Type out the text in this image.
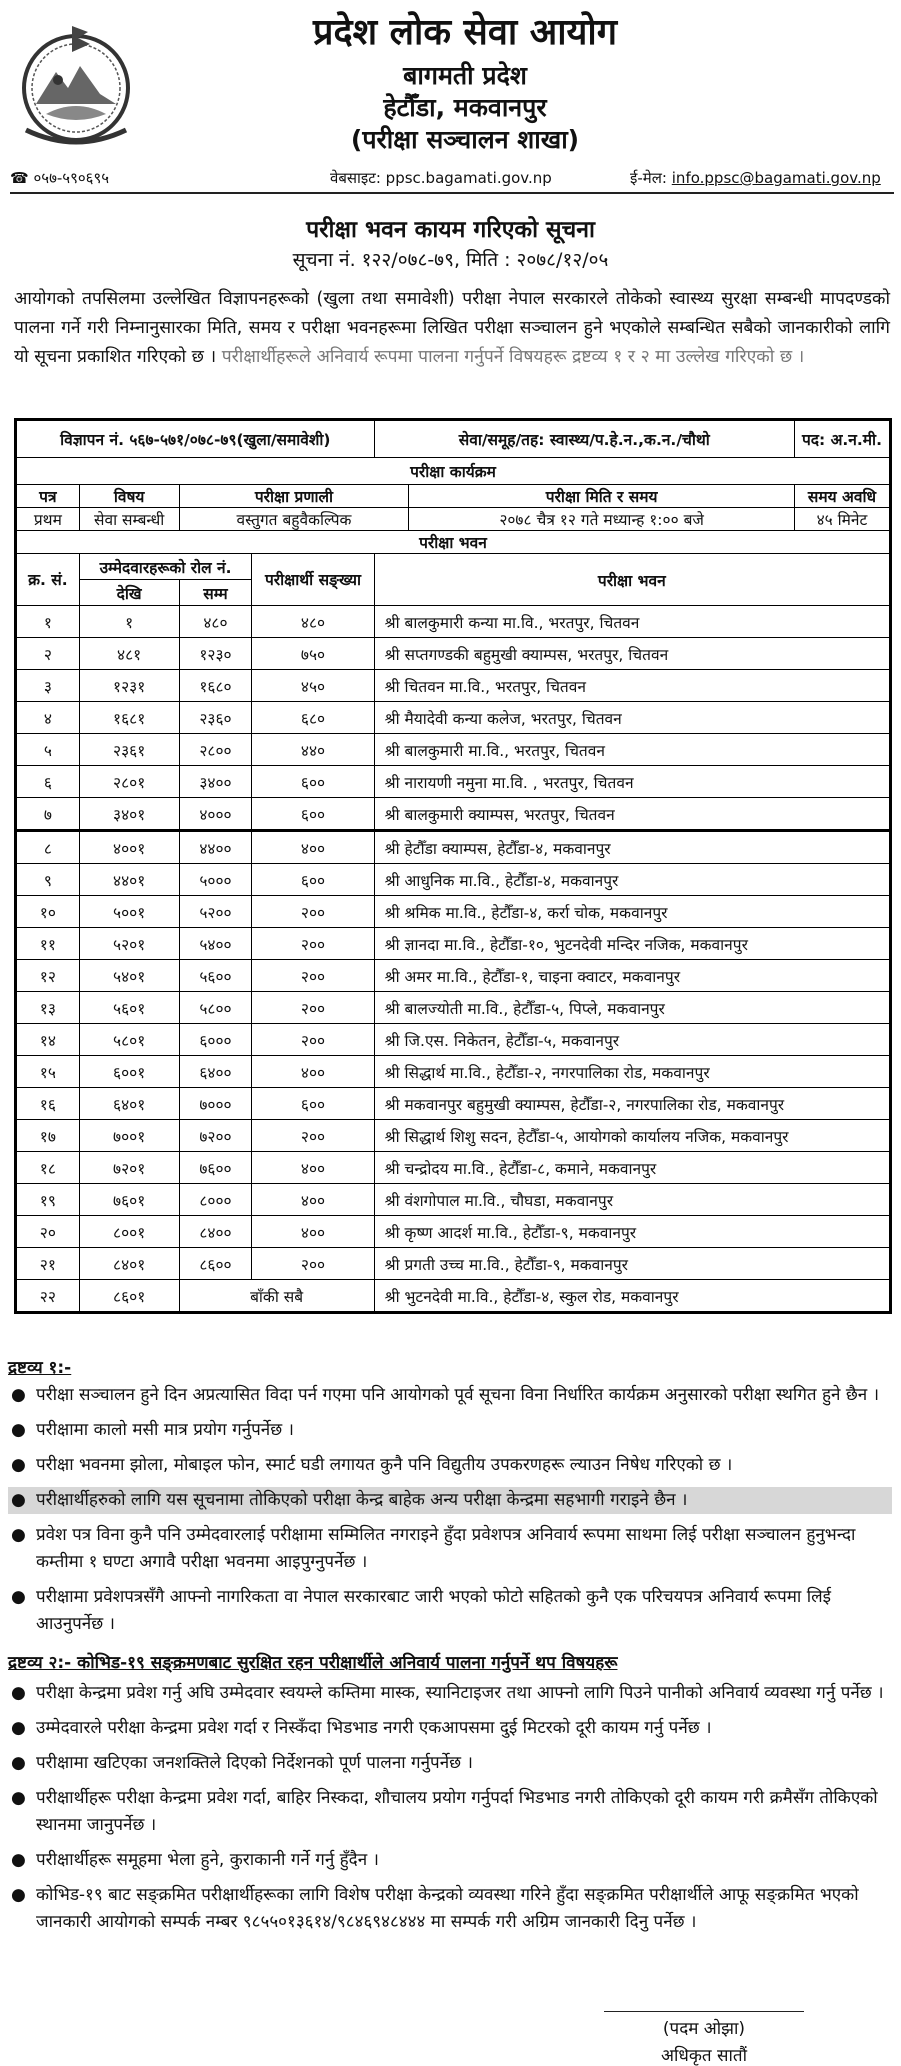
प्रदेश लोक सेवा आयोग
बागमती प्रदेश
हेटौँडा, मकवानपुर
(परीक्षा सञ्चालन शाखा)
☎ ०५७-५९०६९५	वेबसाइट: ppsc.bagamati.gov.np	ई-मेल: info.ppsc@bagamati.gov.np
परीक्षा भवन कायम गरिएको सूचना
सूचना नं. १२२/०७८-७९, मिति : २०७८/१२/०५
आयोगको तपसिलमा उल्लेखित विज्ञापनहरूको (खुला तथा समावेशी) परीक्षा नेपाल सरकारले तोकेको स्वास्थ्य सुरक्षा सम्बन्धी मापदण्डको पालना गर्ने गरी निम्नानुसारका मिति, समय र परीक्षा भवनहरूमा लिखित परीक्षा सञ्चालन हुने भएकोले सम्बन्धित सबैको जानकारीको लागि यो सूचना प्रकाशित गरिएको छ । परीक्षार्थीहरूले अनिवार्य रूपमा पालना गर्नुपर्ने विषयहरू द्रष्टव्य १ र २ मा उल्लेख गरिएको छ ।
विज्ञापन नं. ५६७-५७१/०७८-७९(खुला/समावेशी)				सेवा/समूह/तह: स्वास्थ्य/प.हे.न.,क.न./चौथो		पद: अ.न.मी.
परीक्षा कार्यक्रम						
पत्र	विषय	परीक्षा प्रणाली			परीक्षा मिति र समय	समय अवधि
प्रथम	सेवा सम्बन्धी	वस्तुगत बहुवैकल्पिक			२०७८ चैत्र १२ गते मध्यान्ह १:०० बजे	४५ मिनेट
परीक्षा भवन						
क्र. सं.	उम्मेदवारहरूको रोल नं.		परीक्षार्थी सङ्ख्या	परीक्षा भवन		
	देखि	सम्म				
१	१	४८०	४८०	श्री बालकुमारी कन्या मा.वि., भरतपुर, चितवन		
२	४८१	१२३०	७५०	श्री सप्तगण्डकी बहुमुखी क्याम्पस, भरतपुर, चितवन		
३	१२३१	१६८०	४५०	श्री चितवन मा.वि., भरतपुर, चितवन		
४	१६८१	२३६०	६८०	श्री मैयादेवी कन्या कलेज, भरतपुर, चितवन		
५	२३६१	२८००	४४०	श्री बालकुमारी मा.वि., भरतपुर, चितवन		
६	२८०१	३४००	६००	श्री नारायणी नमुना मा.वि. , भरतपुर, चितवन		
७	३४०१	४०००	६००	श्री बालकुमारी क्याम्पस, भरतपुर, चितवन		
८	४००१	४४००	४००	श्री हेटौँडा क्याम्पस, हेटौँडा-४, मकवानपुर		
९	४४०१	५०००	६००	श्री आधुनिक मा.वि., हेटौँडा-४, मकवानपुर		
१०	५००१	५२००	२००	श्री श्रमिक मा.वि., हेटौँडा-४, कर्रा चोक, मकवानपुर		
११	५२०१	५४००	२००	श्री ज्ञानदा मा.वि., हेटौँडा-१०, भुटनदेवी मन्दिर नजिक, मकवानपुर		
१२	५४०१	५६००	२००	श्री अमर मा.वि., हेटौँडा-१, चाइना क्वाटर, मकवानपुर		
१३	५६०१	५८००	२००	श्री बालज्योती मा.वि., हेटौँडा-५, पिप्ले, मकवानपुर		
१४	५८०१	६०००	२००	श्री जि.एस. निकेतन, हेटौँडा-५, मकवानपुर		
१५	६००१	६४००	४००	श्री सिद्धार्थ मा.वि., हेटौँडा-२, नगरपालिका रोड, मकवानपुर		
१६	६४०१	७०००	६००	श्री मकवानपुर बहुमुखी क्याम्पस, हेटौँडा-२, नगरपालिका रोड, मकवानपुर		
१७	७००१	७२००	२००	श्री सिद्धार्थ शिशु सदन, हेटौँडा-५, आयोगको कार्यालय नजिक, मकवानपुर		
१८	७२०१	७६००	४००	श्री चन्द्रोदय मा.वि., हेटौँडा-८, कमाने, मकवानपुर		
१९	७६०१	८०००	४००	श्री वंशगोपाल मा.वि., चौघडा, मकवानपुर		
२०	८००१	८४००	४००	श्री कृष्ण आदर्श मा.वि., हेटौँडा-९, मकवानपुर		
२१	८४०१	८६००	२००	श्री प्रगती उच्च मा.वि., हेटौँडा-९, मकवानपुर		
२२	८६०१	बाँकी सबै		श्री भुटनदेवी मा.वि., हेटौँडा-४, स्कुल रोड, मकवानपुर		
द्रष्टव्य १:-
● परीक्षा सञ्चालन हुने दिन अप्रत्यासित विदा पर्न गएमा पनि आयोगको पूर्व सूचना विना निर्धारित कार्यक्रम अनुसारको परीक्षा स्थगित हुने छैन ।
● परीक्षामा कालो मसी मात्र प्रयोग गर्नुपर्नेछ ।
● परीक्षा भवनमा झोला, मोबाइल फोन, स्मार्ट घडी लगायत कुनै पनि विद्युतीय उपकरणहरू ल्याउन निषेध गरिएको छ ।
● परीक्षार्थीहरुको लागि यस सूचनामा तोकिएको परीक्षा केन्द्र बाहेक अन्य परीक्षा केन्द्रमा सहभागी गराइने छैन ।
● प्रवेश पत्र विना कुनै पनि उम्मेदवारलाई परीक्षामा सम्मिलित नगराइने हुँदा प्रवेशपत्र अनिवार्य रूपमा साथमा लिई परीक्षा सञ्चालन हुनुभन्दा कम्तीमा १ घण्टा अगावै परीक्षा भवनमा आइपुग्नुपर्नेछ ।
● परीक्षामा प्रवेशपत्रसँगै आफ्नो नागरिकता वा नेपाल सरकारबाट जारी भएको फोटो सहितको कुनै एक परिचयपत्र अनिवार्य रूपमा लिई आउनुपर्नेछ ।
द्रष्टव्य २:- कोभिड-१९ सङ्क्रमणबाट सुरक्षित रहन परीक्षार्थीले अनिवार्य पालना गर्नुपर्ने थप विषयहरू
● परीक्षा केन्द्रमा प्रवेश गर्नु अघि उम्मेदवार स्वयम्ले कम्तिमा मास्क, स्यानिटाइजर तथा आफ्नो लागि पिउने पानीको अनिवार्य व्यवस्था गर्नु पर्नेछ ।
● उम्मेदवारले परीक्षा केन्द्रमा प्रवेश गर्दा र निस्कँदा भिडभाड नगरी एकआपसमा दुई मिटरको दूरी कायम गर्नु पर्नेछ ।
● परीक्षामा खटिएका जनशक्तिले दिएको निर्देशनको पूर्ण पालना गर्नुपर्नेछ ।
● परीक्षार्थीहरू परीक्षा केन्द्रमा प्रवेश गर्दा, बाहिर निस्कदा, शौचालय प्रयोग गर्नुपर्दा भिडभाड नगरी तोकिएको दूरी कायम गरी क्रमैसँग तोकिएको स्थानमा जानुपर्नेछ ।
● परीक्षार्थीहरू समूहमा भेला हुने, कुराकानी गर्ने गर्नु हुँदैन ।
● कोभिड-१९ बाट सङ्क्रमित परीक्षार्थीहरूका लागि विशेष परीक्षा केन्द्रको व्यवस्था गरिने हुँदा सङ्क्रमित परीक्षार्थीले आफू सङ्क्रमित भएको जानकारी आयोगको सम्पर्क नम्बर ९८५५०१३६१४/९८४६९४८४४४ मा सम्पर्क गरी अग्रिम जानकारी दिनु पर्नेछ ।
(पदम ओझा)
अधिकृत सातौं
